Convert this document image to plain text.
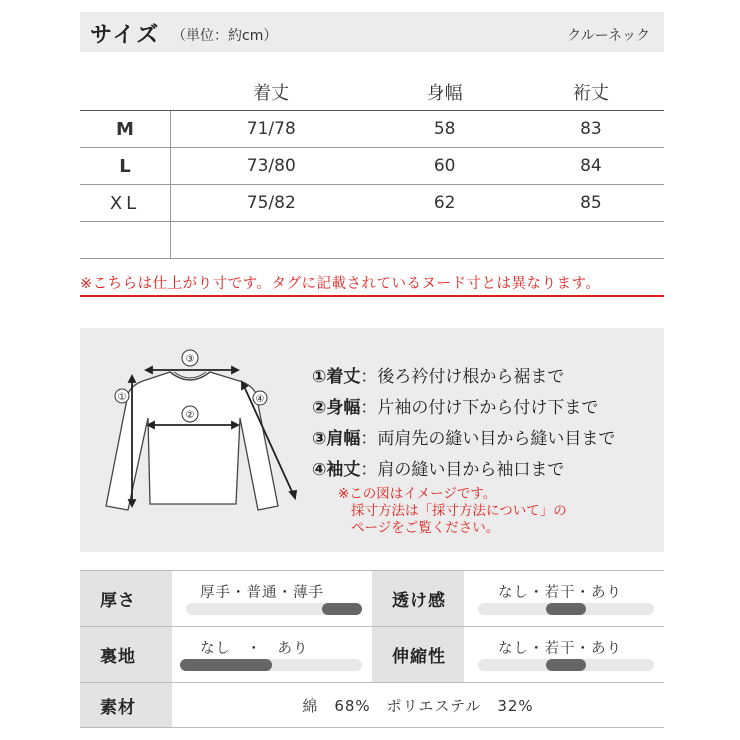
サイズ （単位：約cm）	クルーネック
	着丈	身幅	裄丈
M	71/78	58	83
L	73/80	60	84
XL	75/82	62	85

※こちらは仕上がり寸です。タグに記載されているヌード寸とは異なります。
③
②
①	④
①着丈：後ろ衿付け根から裾まで
②身幅：片袖の付け下から付け下まで
③肩幅：両肩先の縫い目から縫い目まで
④袖丈：肩の縫い目から袖口まで
※この図はイメージです。
採寸方法は「採寸方法について」の
ページをご覧ください。
厚さ	厚手・普通・薄手	透け感	なし・若干・あり
裏地	なし　・　あり	伸縮性	なし・若干・あり
素材	綿　68%　ポリエステル　32%
